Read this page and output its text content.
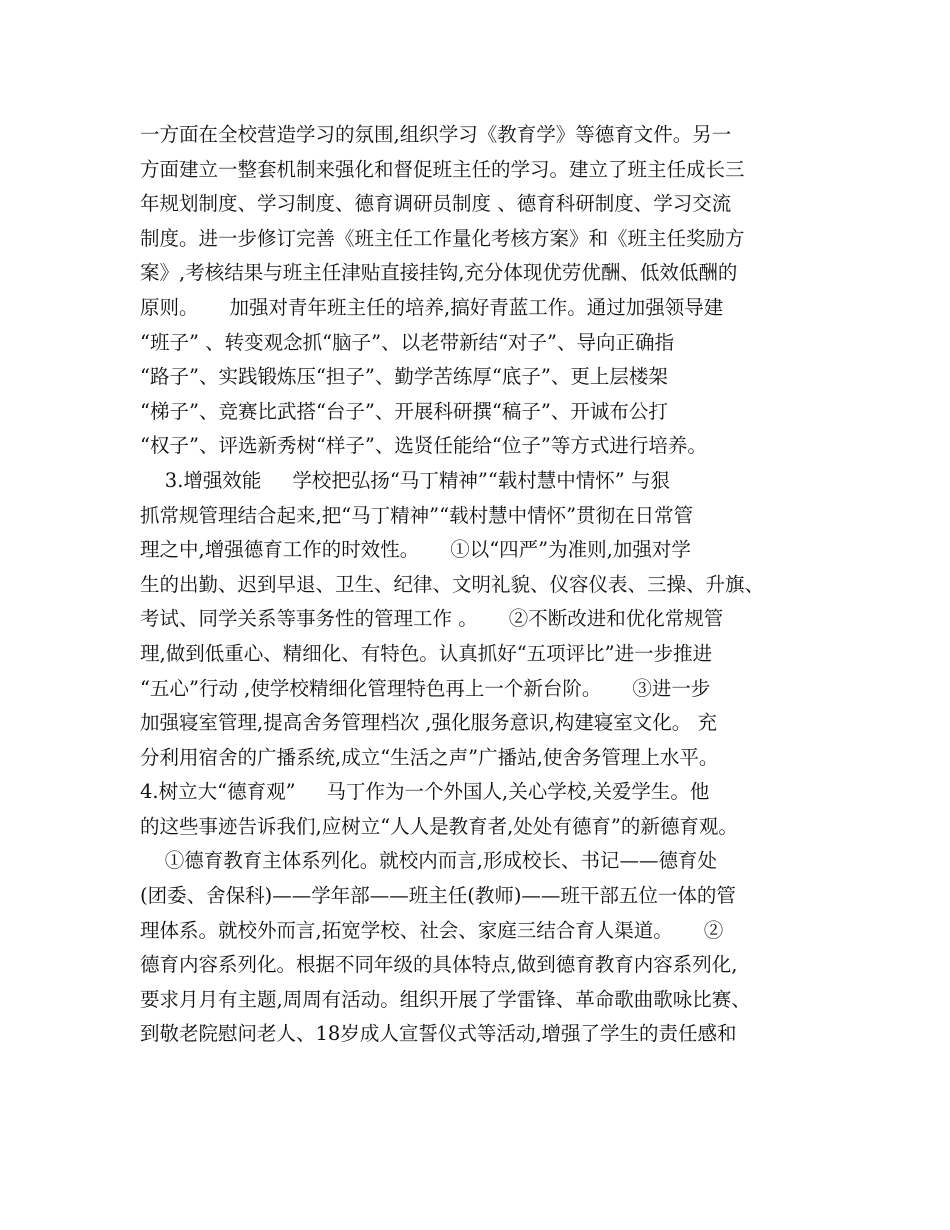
一方面在全校营造学习的氛围,组织学习《教育学》等德育文件。另一
方面建立一整套机制来强化和督促班主任的学习。建立了班主任成长三
年规划制度、学习制度、德育调研员制度 、德育科研制度、学习交流
制度。进一步修订完善《班主任工作量化考核方案》和《班主任奖励方
案》,考核结果与班主任津贴直接挂钩,充分体现优劳优酬、低效低酬的
原则。     加强对青年班主任的培养,搞好青蓝工作。通过加强领导建
“班子” 、转变观念抓“脑子”、以老带新结“对子”、导向正确指
“路子”、实践锻炼压“担子”、勤学苦练厚“底子”、更上层楼架
“梯子”、竞赛比武搭“台子”、开展科研撰“稿子”、开诚布公打
“权子”、评选新秀树“样子”、选贤任能给“位子”等方式进行培养。
3.增强效能     学校把弘扬“马丁精神”“载村慧中情怀” 与狠
抓常规管理结合起来,把“马丁精神”“载村慧中情怀”贯彻在日常管
理之中,增强德育工作的时效性。     ①以“四严”为准则,加强对学
生的出勤、迟到早退、卫生、纪律、文明礼貌、仪容仪表、三操、升旗、
考试、同学关系等事务性的管理工作 。     ②不断改进和优化常规管
理,做到低重心、精细化、有特色。认真抓好“五项评比”进一步推进
“五心”行动 ,使学校精细化管理特色再上一个新台阶。     ③进一步
加强寝室管理,提高舍务管理档次 ,强化服务意识,构建寝室文化。 充
分利用宿舍的广播系统,成立“生活之声”广播站,使舍务管理上水平。
4.树立大“德育观”     马丁作为一个外国人,关心学校,关爱学生。他
的这些事迹告诉我们,应树立“人人是教育者,处处有德育”的新德育观。
①德育教育主体系列化。就校内而言,形成校长、书记——德育处
(团委、舍保科)——学年部——班主任(教师)——班干部五位一体的管
理体系。就校外而言,拓宽学校、社会、家庭三结合育人渠道。     ②
德育内容系列化。根据不同年级的具体特点,做到德育教育内容系列化,
要求月月有主题,周周有活动。组织开展了学雷锋、革命歌曲歌咏比赛、
到敬老院慰问老人、18岁成人宣誓仪式等活动,增强了学生的责任感和
